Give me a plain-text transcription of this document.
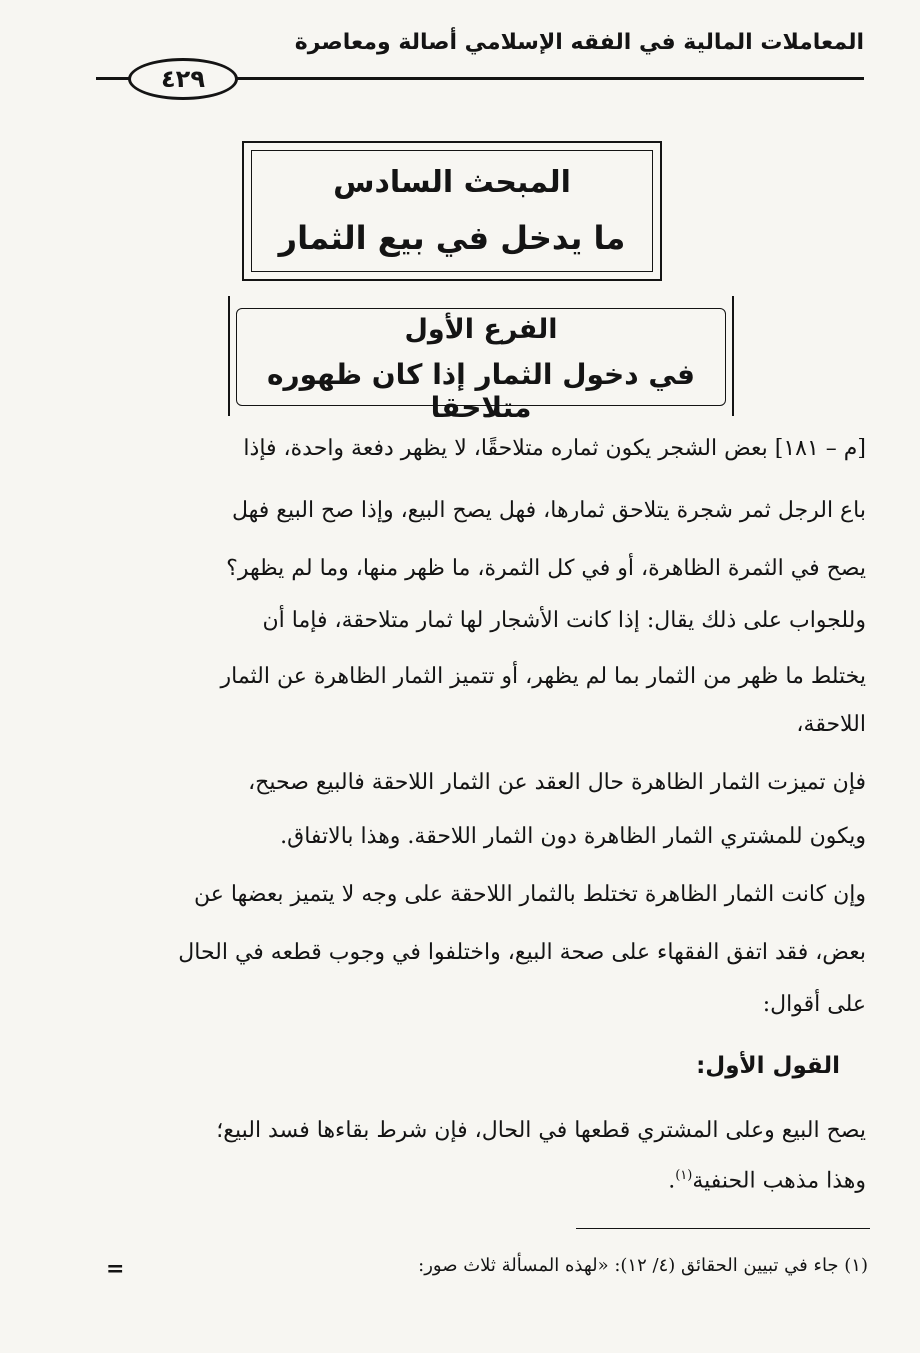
المعاملات المالية في الفقه الإسلامي أصالة ومعاصرة
٤٢٩
المبحث السادس
ما يدخل في بيع الثمار
الفرع الأول
في دخول الثمار إذا كان ظهوره متلاحقا
[م – ١٨١] بعض الشجر يكون ثماره متلاحقًا، لا يظهر دفعة واحدة، فإذا
باع الرجل ثمر شجرة يتلاحق ثمارها، فهل يصح البيع، وإذا صح البيع فهل
يصح في الثمرة الظاهرة، أو في كل الثمرة، ما ظهر منها، وما لم يظهر؟
وللجواب على ذلك يقال: إذا كانت الأشجار لها ثمار متلاحقة، فإما أن
يختلط ما ظهر من الثمار بما لم يظهر، أو تتميز الثمار الظاهرة عن الثمار
اللاحقة،
فإن تميزت الثمار الظاهرة حال العقد عن الثمار اللاحقة فالبيع صحيح،
ويكون للمشتري الثمار الظاهرة دون الثمار اللاحقة. وهذا بالاتفاق.
وإن كانت الثمار الظاهرة تختلط بالثمار اللاحقة على وجه لا يتميز بعضها عن
بعض، فقد اتفق الفقهاء على صحة البيع، واختلفوا في وجوب قطعه في الحال
على أقوال:
القول الأول:
يصح البيع وعلى المشتري قطعها في الحال، فإن شرط بقاءها فسد البيع؛
وهذا مذهب الحنفية$^{(١)}$.
(١) جاء في تبيين الحقائق (٤/ ١٢): «لهذه المسألة ثلاث صور:
=
